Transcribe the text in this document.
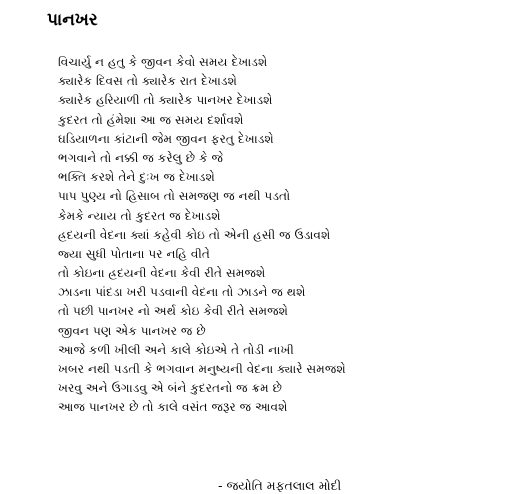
પાનખર
વિચાર્યુ ન હતુ કે જીવન કેવો સમય દેખાડશે
ક્યારેક દિવસ તો ક્યારેક રાત દેખાડશે
ક્યારેક હરિયાળી તો ક્યારેક પાનખર દેખાડશે
કુદરત તો હંમેશા આ જ સમય દર્શાવશે
ઘડિયાળના કાંટાની જેમ જીવન ફરતુ દેખાડશે
ભગવાને તો નક્કી જ કરેલુ છે કે જે
ભક્તિ કરશે તેને દુઃખ જ દેખાડશે
પાપ પુણ્ય નો હિસાબ તો સમજણ જ નથી પડતો
કેમકે ન્યાય તો કુદરત જ દેખાડશે
હ્રદયની વેદના ક્યાં કહેવી કોઇ તો એની હસી જ ઉડાવશે
જ્યા સુધી પોતાના પર નહિ વીતે
તો કોઇના હ્રદયની વેદના કેવી રીતે સમજશે
ઝાડના પાંદડા ખરી પડવાની વેદના તો ઝાડને જ થશે
તો પછી પાનખર નો અર્થ કોઇ કેવી રીતે સમજશે
જીવન પણ એક પાનખર જ છે
આજે કળી ખીલી અને કાલે કોઇએ તે તોડી નાખી
ખબર નથી પડતી કે ભગવાન મનુષ્યની વેદના ક્યારે સમજશે
ખરવુ અને ઉગાડવુ એ બંને કુદરતનો જ ક્રમ છે
આજ પાનખર છે તો કાલે વસંત જરૂર જ આવશે
- જયોતિ મફતલાલ મોદી
